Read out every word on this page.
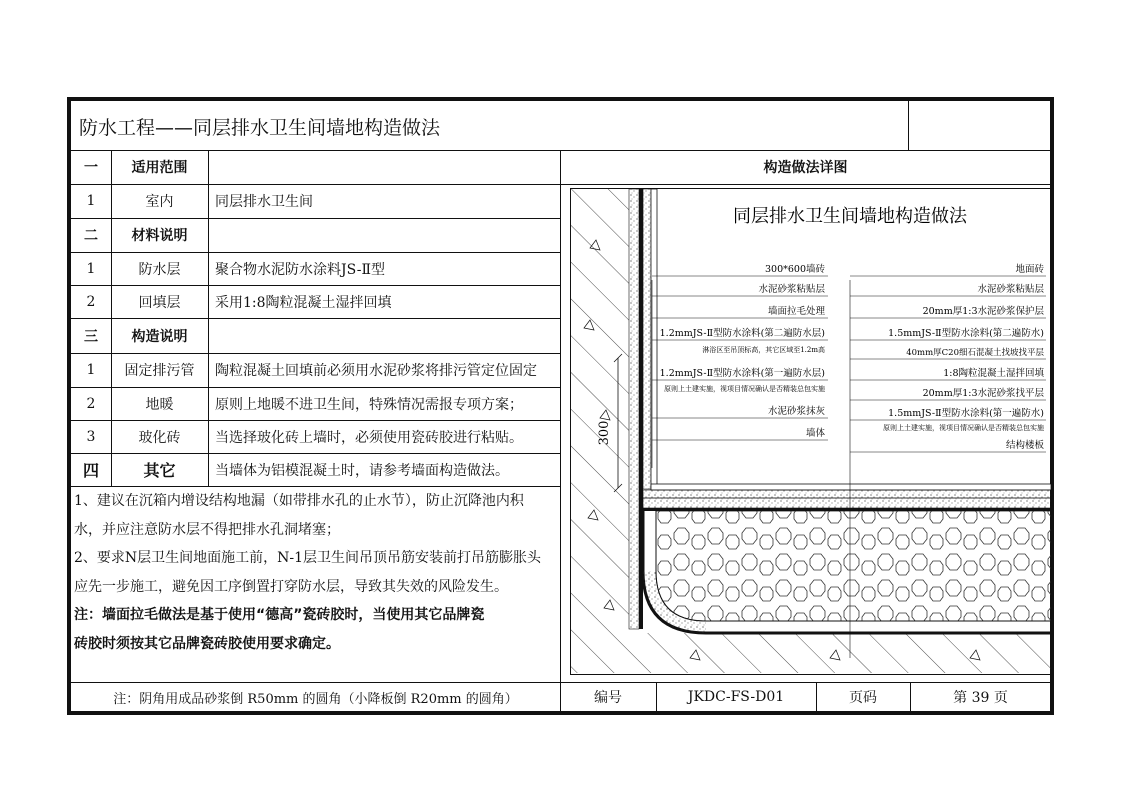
防水工程——同层排水卫生间墙地构造做法
一	适用范围	构造做法详图
1	室内	同层排水卫生间
二	材料说明
1	防水层	聚合物水泥防水涂料JS-Ⅱ型
2	回填层	采用1:8陶粒混凝土湿拌回填
三	构造说明
1	固定排污管	陶粒混凝土回填前必须用水泥砂浆将排污管定位固定
2	地暖	原则上地暖不进卫生间，特殊情况需报专项方案；
3	玻化砖	当选择玻化砖上墙时，必须使用瓷砖胶进行粘贴。
四	其它	当墙体为铝模混凝土时，请参考墙面构造做法。
1、建议在沉箱内增设结构地漏（如带排水孔的止水节），防止沉降池内积
水，并应注意防水层不得把排水孔洞堵塞；
2、要求N层卫生间地面施工前，N-1层卫生间吊顶吊筋安装前打吊筋膨胀头
应先一步施工，避免因工序倒置打穿防水层，导致其失效的风险发生。
注：墙面拉毛做法是基于使用“德高”瓷砖胶时，当使用其它品牌瓷
砖胶时须按其它品牌瓷砖胶使用要求确定。
注：阴角用成品砂浆倒 R50mm 的圆角（小降板倒 R20mm 的圆角）	编号	JKDC-FS-D01	页码	第 39 页
300
同层排水卫生间墙地构造做法
300*600墙砖
水泥砂浆粘贴层
墙面拉毛处理
1.2mmJS-Ⅱ型防水涂料(第二遍防水层)
淋浴区至吊顶标高，其它区域至1.2m高
1.2mmJS-Ⅱ型防水涂料(第一遍防水层)
原则上土建实施，视项目情况确认是否精装总包实施
水泥砂浆抹灰
墙体
地面砖
水泥砂浆粘贴层
20mm厚1:3水泥砂浆保护层
1.5mmJS-Ⅱ型防水涂料(第二遍防水)
40mm厚C20细石混凝土找坡找平层
1:8陶粒混凝土湿拌回填
20mm厚1:3水泥砂浆找平层
1.5mmJS-Ⅱ型防水涂料(第一遍防水)
原则上土建实施，视项目情况确认是否精装总包实施
结构楼板
